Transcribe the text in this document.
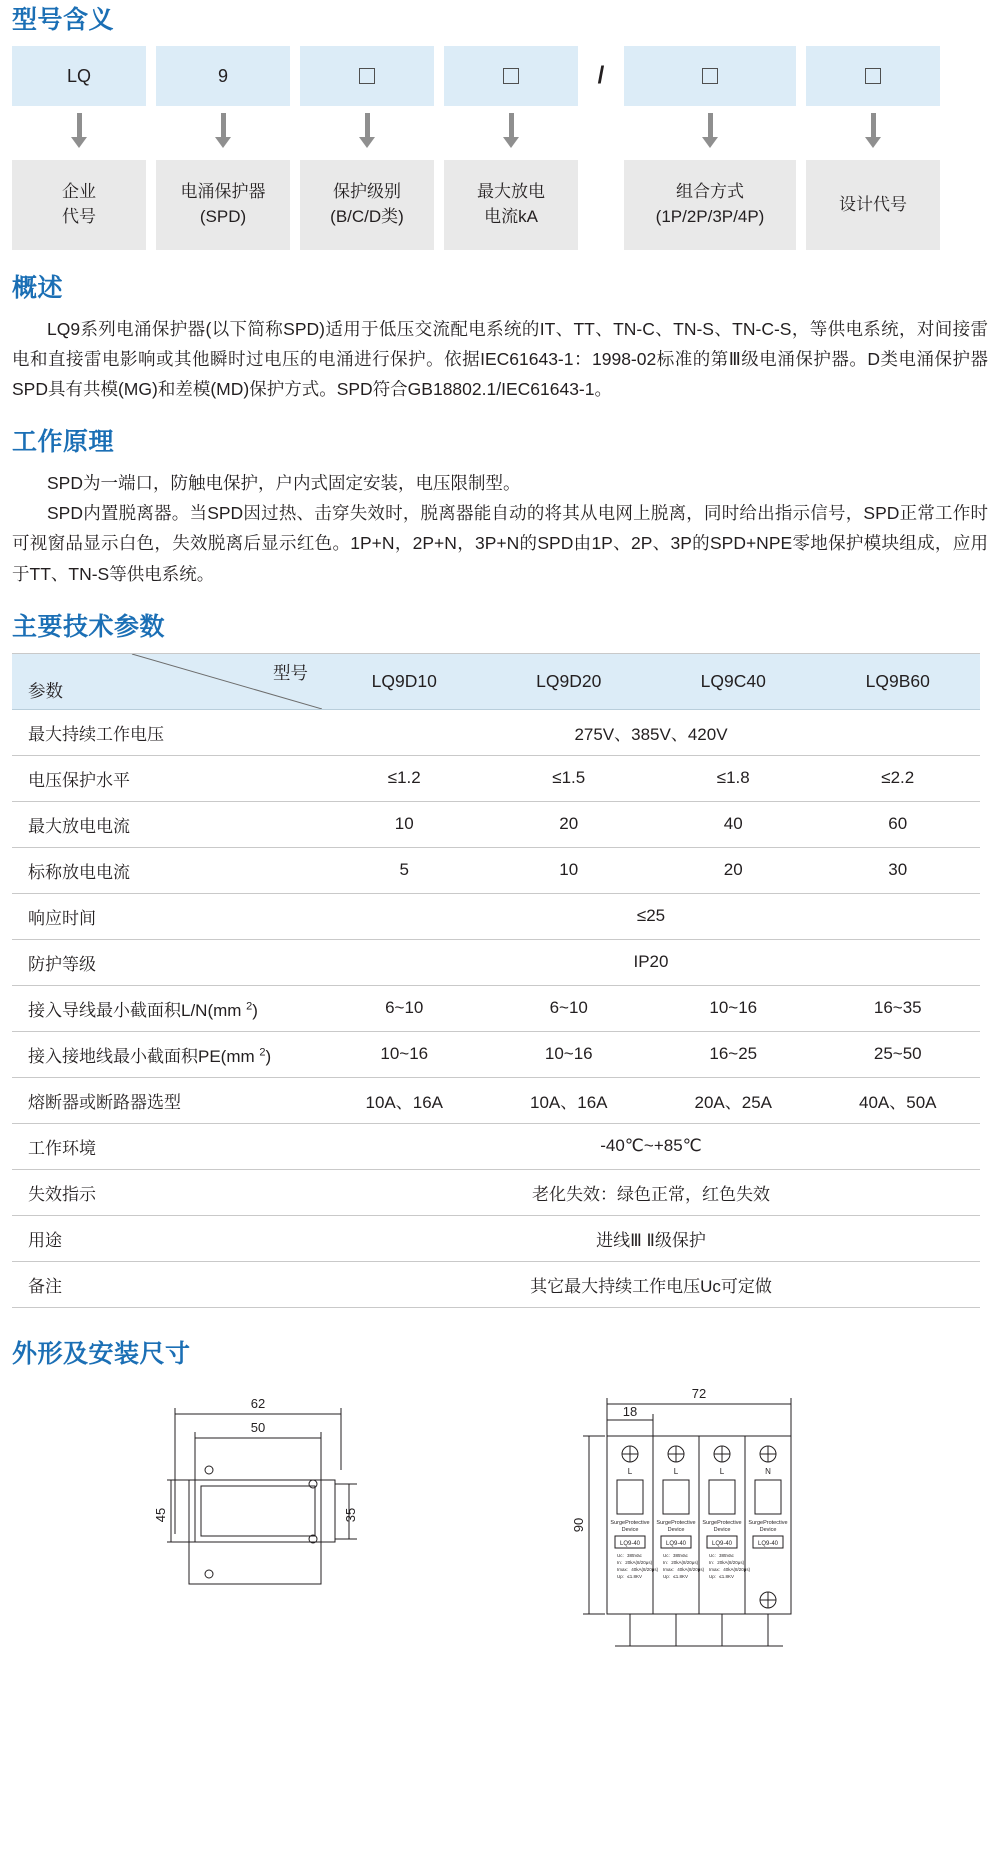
型号含义
LQ	9	/
企业
代号
电涌保护器
(SPD)
保护级别
(B/C/D类)
最大放电
电流kA
组合方式
(1P/2P/3P/4P)
设计代号
概述

LQ9系列电涌保护器(以下简称SPD)适用于低压交流配电系统的IT、TT、TN-C、TN-S、TN-C-S，等供电系统，对间接雷电和直接雷电影响或其他瞬时过电压的电涌进行保护。依据IEC61643-1：1998-02标准的第Ⅲ级电涌保护器。D类电涌保护器SPD具有共模(MG)和差模(MD)保护方式。SPD符合GB18802.1/IEC61643-1。

工作原理

SPD为一端口，防触电保护，户内式固定安装，电压限制型。

SPD内置脱离器。当SPD因过热、击穿失效时，脱离器能自动的将其从电网上脱离，同时给出指示信号，SPD正常工作时可视窗品显示白色，失效脱离后显示红色。1P+N，2P+N，3P+N的SPD由1P、2P、3P的SPD+NPE零地保护模块组成，应用于TT、TN-S等供电系统。

主要技术参数
型号
参数	LQ9D10	LQ9D20	LQ9C40	LQ9B60
最大持续工作电压	275V、385V、420V			
电压保护水平	≤1.2	≤1.5	≤1.8	≤2.2
最大放电电流	10	20	40	60
标称放电电流	5	10	20	30
响应时间	≤25			
防护等级	IP20			
接入导线最小截面积L/N(mm $^2$)	6~10	6~10	10~16	16~35
接入接地线最小截面积PE(mm $^2$)	10~16	10~16	16~25	25~50
熔断器或断路器选型	10A、16A	10A、16A	20A、25A	40A、50A
工作环境	-40℃~+85℃			
失效指示	老化失效：绿色正常，红色失效			
用途	进线Ⅲ Ⅱ级保护			
备注	其它最大持续工作电压Uc可定做			
外形及安装尺寸
62
50
45	35
72
18
90
L	L	L	N
SurgeProtective
Device
SurgeProtective
Device
SurgeProtective
Device
SurgeProtective
Device
LQ9-40	LQ9-40	LQ9-40	LQ9-40
Uc：385Vac
In：20kA(8/20μs)
Imax：40kA(8/20μs)
Up：≤1.8KV
Uc：385Vac
In：20kA(8/20μs)
Imax：40kA(8/20μs)
Up：≤1.8KV
Uc：385Vac
In：20kA(8/20μs)
Imax：40kA(8/20μs)
Up：≤1.8KV
